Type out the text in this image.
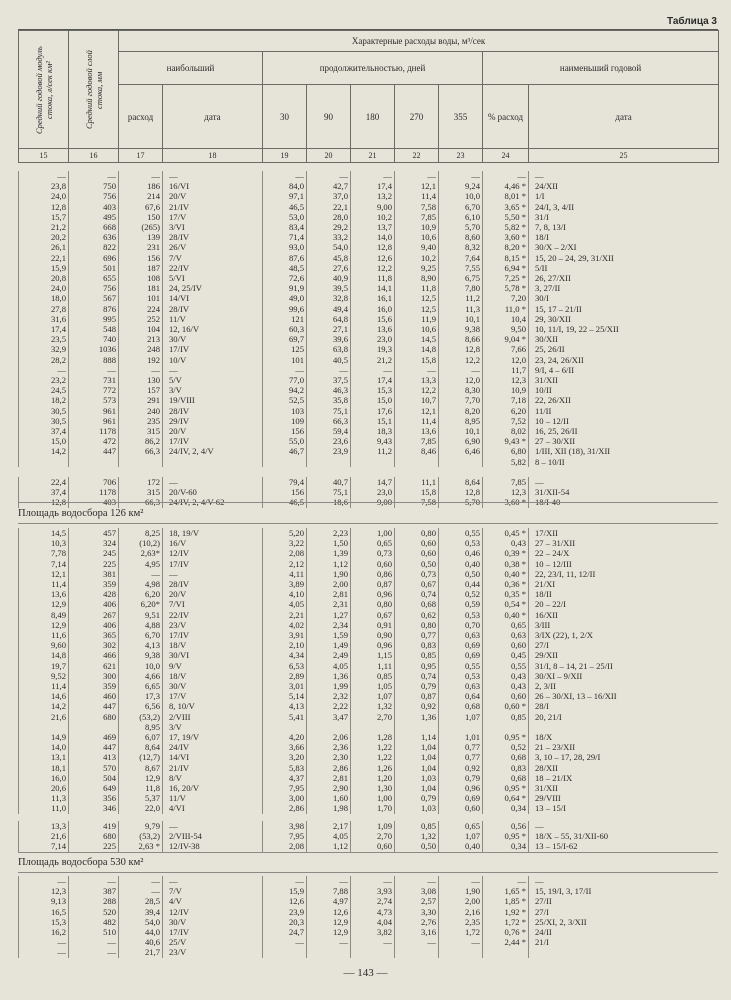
Таблица 3
Средний годовой модуль стока, л/сек км²	Средний годовой слой стока, мм	Характерные расходы воды, м³/сек								
		наибольший		продолжительностью, дней					наименьший годовой	
		расход	дата	30	90	180	270	355	% расход	дата
15	16	17	18	19	20	21	22	23	24	25
—	—	—	—	—	—	—	—	—	—	—
23,8	750	186	16/VI	84,0	42,7	17,4	12,1	9,24	4,46 *	24/XII
24,0	756	214	20/V	97,1	37,0	13,2	11,4	10,0	8,01 *	1/I
12,8	403	67,6	21/IV	46,5	22,1	9,00	7,58	6,70	3,65 *	24/I, 3, 4/II
15,7	495	150	17/V	53,0	28,0	10,2	7,85	6,10	5,50 *	31/I
21,2	668	(265)	3/VI	83,4	29,2	13,7	10,9	5,70	5,82 *	7, 8, 13/I
20,2	636	139	28/IV	71,4	33,2	14,0	10,6	8,60	3,60 *	18/I
26,1	822	231	26/V	93,0	54,0	12,8	9,40	8,32	8,20 *	30/X – 2/XI
22,1	696	156	7/V	87,6	45,8	12,6	10,2	7,64	8,15 *	15, 20 – 24, 29, 31/XII
15,9	501	187	22/IV	48,5	27,6	12,2	9,25	7,55	6,94 *	5/II
20,8	655	108	5/VI	72,6	40,9	11,8	8,90	6,75	7,25 *	26, 27/XII
24,0	756	181	24, 25/IV	91,9	39,5	14,1	11,8	7,80	5,78 *	3, 27/II
18,0	567	101	14/VI	49,0	32,8	16,1	12,5	11,2	7,20	30/I
27,8	876	224	28/IV	99,6	49,4	16,0	12,5	11,3	11,0 *	15, 17 – 21/II
31,6	995	252	11/V	121	64,8	15,6	11,9	10,1	10,4	29, 30/XII
17,4	548	104	12, 16/V	60,3	27,1	13,6	10,6	9,38	9,50	10, 11/I, 19, 22 – 25/XII
23,5	740	213	30/V	69,7	39,6	23,0	14,5	8,66	9,04 *	30/XII
32,9	1036	248	17/IV	125	63,8	19,3	14,8	12,8	7,66	25, 26/II
28,2	888	192	10/V	101	40,5	21,2	15,8	12,2	12,0	23, 24, 26/XII
—	—	—	—	—	—	—	—	—	11,7	9/I, 4 – 6/II
23,2	731	130	5/V	77,0	37,5	17,4	13,3	12,0	12,3	31/XII
24,5	772	157	3/V	94,2	46,3	15,3	12,2	8,30	10,9	10/II
18,2	573	291	19/VIII	52,5	35,8	15,0	10,7	7,70	7,18	22, 26/XII
30,5	961	240	28/IV	103	75,1	17,6	12,1	8,20	6,20	11/II
30,5	961	235	29/IV	109	66,3	15,1	11,4	8,95	7,52	10 – 12/II
37,4	1178	315	20/V	156	59,4	18,3	13,6	10,1	8,02	16, 25, 26/II
15,0	472	86,2	17/IV	55,0	23,6	9,43	7,85	6,90	9,43 *	27 – 30/XII
14,2	447	66,3	24/IV, 2, 4/V	46,7	23,9	11,2	8,46	6,46	6,80	1/III, XII (18), 31/XII
									5,82	8 – 10/II
22,4	706	172	—	79,4	40,7	14,7	11,1	8,64	7,85	—
37,4	1178	315	20/V-60	156	75,1	23,0	15,8	12,8	12,3	31/XII-54
12,8	403	66,3	24/IV, 2, 4/V-62	46,5	18,6	9,00	7,58	5,70	3,60 *	18/I-40
Площадь водосбора 126 км²
14,5	457	8,25	18, 19/V	5,20	2,23	1,00	0,80	0,55	0,45 *	17/XII
10,3	324	(10,2)	16/V	3,22	1,50	0,65	0,60	0,53	0,43	27 – 31/XII
7,78	245	2,63*	12/IV	2,08	1,39	0,73	0,60	0,46	0,39 *	22 – 24/X
7,14	225	4,95	17/IV	2,12	1,12	0,60	0,50	0,40	0,38 *	10 – 12/III
12,1	381	—	—	4,11	1,90	0,86	0,73	0,50	0,40 *	22, 23/I, 11, 12/II
11,4	359	4,98	28/IV	3,89	2,00	0,87	0,67	0,44	0,36 *	21/XI
13,6	428	6,20	20/V	4,10	2,81	0,96	0,74	0,52	0,35 *	18/II
12,9	406	6,20*	7/VI	4,05	2,31	0,80	0,68	0,59	0,54 *	20 – 22/I
8,49	267	9,51	22/IV	2,21	1,27	0,67	0,62	0,53	0,40 *	16/XII
12,9	406	4,88	23/V	4,02	2,34	0,91	0,80	0,70	0,65	3/III
11,6	365	6,70	17/IV	3,91	1,59	0,90	0,77	0,63	0,63	3/IX (22), 1, 2/X
9,60	302	4,13	18/V	2,10	1,49	0,96	0,83	0,69	0,60	27/I
14,8	466	9,38	30/VI	4,34	2,49	1,15	0,85	0,69	0,45	29/XII
19,7	621	10,0	9/V	6,53	4,05	1,11	0,95	0,55	0,55	31/I, 8 – 14, 21 – 25/II
9,52	300	4,66	18/V	2,89	1,36	0,85	0,74	0,53	0,43	30/XI – 9/XII
11,4	359	6,65	30/V	3,01	1,99	1,05	0,79	0,63	0,43	2, 3/II
14,6	460	17,3	17/V	5,14	2,32	1,07	0,87	0,64	0,60	26 – 30/XI, 13 – 16/XII
14,2	447	6,56	8, 10/V	4,13	2,22	1,32	0,92	0,68	0,60 *	28/I
21,6	680	(53,2)	2/VIII	5,41	3,47	2,70	1,36	1,07	0,85	20, 21/I
		8,95	3/V							
14,9	469	6,07	17, 19/V	4,20	2,06	1,28	1,14	1,01	0,95 *	18/X
14,0	447	8,64	24/IV	3,66	2,36	1,22	1,04	0,77	0,52	21 – 23/XII
13,1	413	(12,7)	14/VI	3,20	2,30	1,22	1,04	0,77	0,68	3, 10 – 17, 28, 29/I
18,1	570	8,67	21/IV	5,83	2,86	1,26	1,04	0,92	0,83	28/XII
16,0	504	12,9	8/V	4,37	2,81	1,20	1,03	0,79	0,68	18 – 21/IX
20,6	649	11,8	16, 20/V	7,95	2,90	1,30	1,04	0,96	0,95 *	31/XII
11,3	356	5,37	11/V	3,00	1,60	1,00	0,79	0,69	0,64 *	29/VIII
11,0	346	22,0	4/VI	2,86	1,98	1,70	1,03	0,60	0,34	13 – 15/I
13,3	419	9,79	—	3,98	2,17	1,09	0,85	0,65	0,56	—
21,6	680	(53,2)	2/VIII-54	7,95	4,05	2,70	1,32	1,07	0,95 *	18/X – 55, 31/XII-60
7,14	225	2,63 *	12/IV-38	2,08	1,12	0,60	0,50	0,40	0,34	13 – 15/I-62
Площадь водосбора 530 км²
—	—	—	—	—	—	—	—	—	—	—
12,3	387	—	7/V	15,9	7,88	3,93	3,08	1,90	1,65 *	15, 19/I, 3, 17/II
9,13	288	28,5	4/V	12,6	4,97	2,74	2,57	2,00	1,85 *	27/II
16,5	520	39,4	12/IV	23,9	12,6	4,73	3,30	2,16	1,92 *	27/I
15,3	482	54,0	30/V	20,3	12,9	4,04	2,76	2,35	1,72 *	25/XI, 2, 3/XII
16,2	510	44,0	17/IV	24,7	12,9	3,82	3,16	1,72	0,76 *	24/II
—	—	40,6	25/V	—	—	—	—	—	2,44 *	21/I
—	—	21,7	23/V							
— 143 —
